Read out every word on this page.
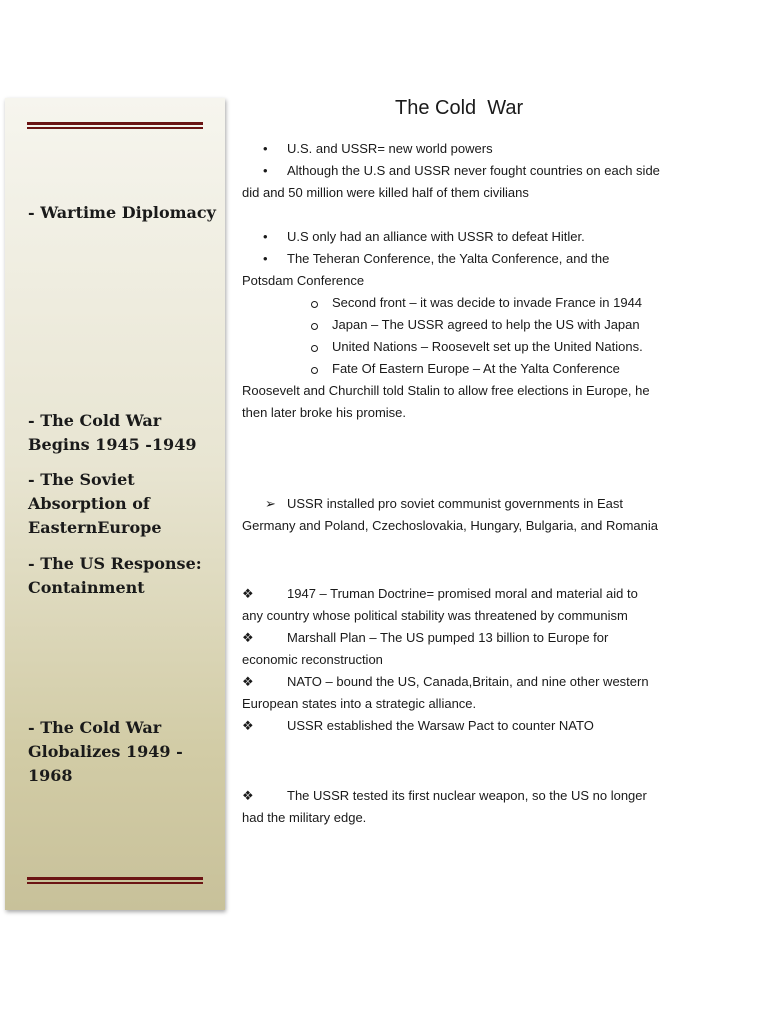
- Wartime Diplomacy
- The Cold War
Begins 1945 -1949
- The Soviet
Absorption of
EasternEurope
- The US Response:
Containment
- The Cold War
Globalizes 1949 -
1968
The Cold  War
• U.S. and USSR= new world powers
• Although the U.S and USSR never fought countries on each side
did and 50 million were killed half of them civilians
• U.S only had an alliance with USSR to defeat Hitler.
• The Teheran Conference, the Yalta Conference, and the
Potsdam Conference
Second front – it was decide to invade France in 1944
Japan – The USSR agreed to help the US with Japan
United Nations – Roosevelt set up the United Nations.
Fate Of Eastern Europe – At the Yalta Conference
Roosevelt and Churchill told Stalin to allow free elections in Europe, he
then later broke his promise.
➢ USSR installed pro soviet communist governments in East
Germany and Poland, Czechoslovakia, Hungary, Bulgaria, and Romania
❖	1947 – Truman Doctrine= promised moral and material aid to
any country whose political stability was threatened by communism
❖	Marshall Plan – The US pumped 13 billion to Europe for
economic reconstruction
❖	NATO – bound the US, Canada,Britain, and nine other western
European states into a strategic alliance.
❖	USSR established the Warsaw Pact to counter NATO
❖	The USSR tested its first nuclear weapon, so the US no longer
had the military edge.
